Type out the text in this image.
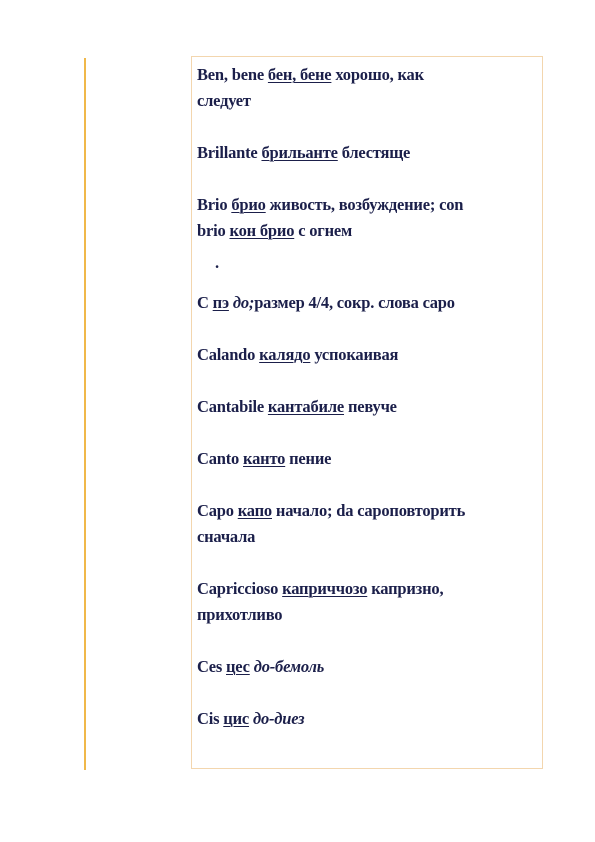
Ben, bene бен, бене хорошо, как
следует
Brillante брильанте блестяще
Brio брио живость, возбуждение; con
brio кон брио с огнем
.
С пэ до;размер 4/4, сокр. слова capo
Calando калядо успокаивая
Cantabile кантабиле певуче
Canto канто пение
Capo капо начало; da capoповторить
сначала
Capriccioso каприччозо капризно,
прихотливо
Ces цес до-бемоль
Cis цис до-диез
